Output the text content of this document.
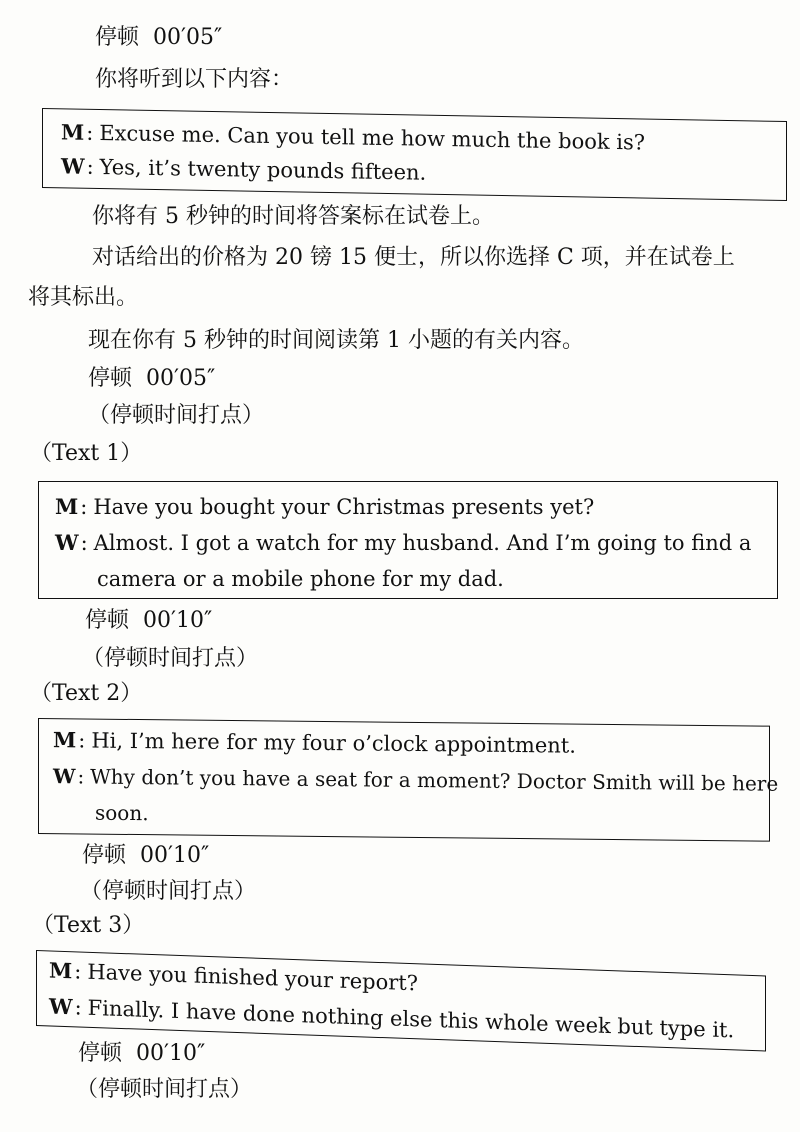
停顿 00′05″
你将听到以下内容：
M: Excuse me. Can you tell me how much the book is?
W: Yes, it’s twenty pounds fifteen.
你将有 5 秒钟的时间将答案标在试卷上。
对话给出的价格为 20 镑 15 便士，所以你选择 C 项，并在试卷上
将其标出。
现在你有 5 秒钟的时间阅读第 1 小题的有关内容。
停顿 00′05″
（停顿时间打点）
（Text 1）
M: Have you bought your Christmas presents yet?
W: Almost. I got a watch for my husband. And I’m going to find a
camera or a mobile phone for my dad.
停顿 00′10″
（停顿时间打点）
（Text 2）
M: Hi, I’m here for my four o’clock appointment.
W : Why don’t you have a seat for a moment? Doctor Smith will be here
soon.
停顿 00′10″
（停顿时间打点）
（Text 3）
M: Have you finished your report?
W: Finally. I have done nothing else this whole week but type it.
停顿 00′10″
（停顿时间打点）
